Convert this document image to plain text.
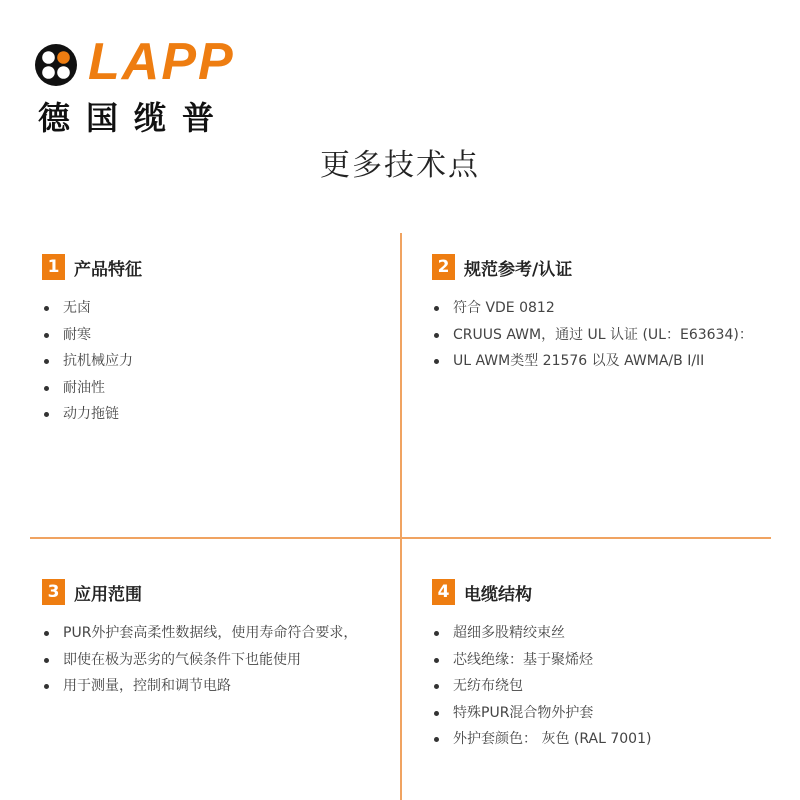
LAPP
德国缆普
更多技术点
1 产品特征
无卤
耐寒
抗机械应力
耐油性
动力拖链
2 规范参考/认证
符合 VDE 0812
CRUUS AWM，通过 UL 认证 (UL：E63634)：
UL AWM类型 21576 以及 AWMA/B I/II
3 应用范围
PUR外护套高柔性数据线，使用寿命符合要求，
即使在极为恶劣的气候条件下也能使用
用于测量，控制和调节电路
4 电缆结构
超细多股精绞束丝
芯线绝缘：基于聚烯烃
无纺布绕包
特殊PUR混合物外护套
外护套颜色： 灰色 (RAL 7001)
